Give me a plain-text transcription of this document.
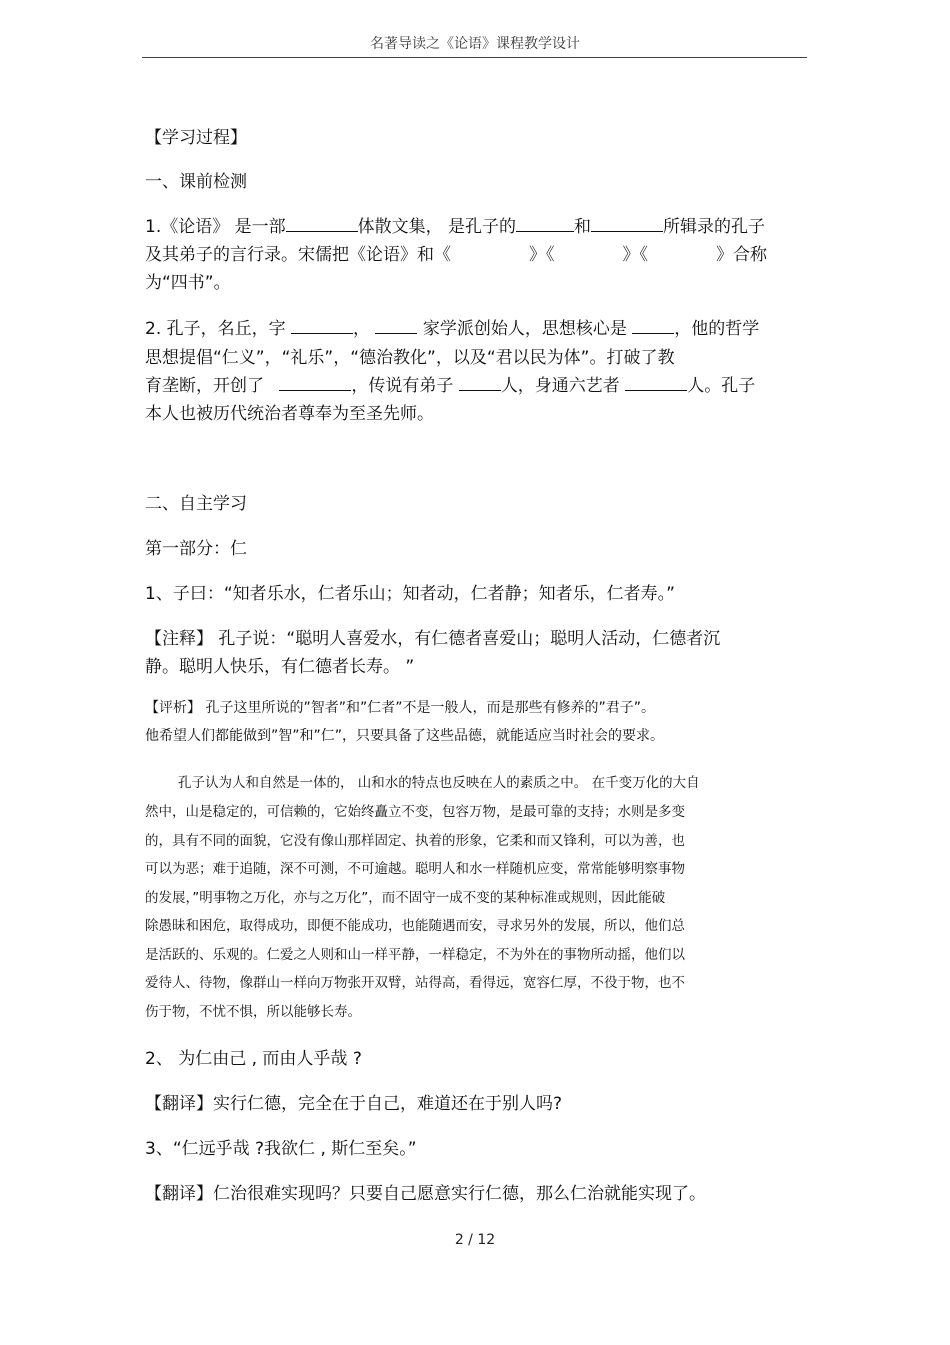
名著导读之《论语》课程教学设计
【学习过程】
一、课前检测
1.《论语》 是一部	体散文集， 是孔子的	和	所辑录的孔子
及其弟子的言行录。宋儒把《论语》和《	》《	》《	》合称
为“四书”。
2. 孔子，名丘，字	，	家学派创始人，思想核心是	，他的哲学
思想提倡“仁义”，“礼乐”，“德治教化”，以及“君以民为体”。打破了教
育垄断，开创了	，传说有弟子	人，身通六艺者	人。孔子
本人也被历代统治者尊奉为至圣先师。
二、自主学习
第一部分：仁
1、子曰：“知者乐水，仁者乐山；知者动，仁者静；知者乐，仁者寿。”
【注释】 孔子说：“聪明人喜爱水，有仁德者喜爱山；聪明人活动，仁德者沉
静。聪明人快乐，有仁德者长寿。 ”
【评析】 孔子这里所说的”智者”和”仁者”不是一般人，而是那些有修养的”君子”。
他希望人们都能做到”智”和”仁”，只要具备了这些品德，就能适应当时社会的要求。
孔子认为人和自然是一体的， 山和水的特点也反映在人的素质之中。 在千变万化的大自
然中，山是稳定的，可信赖的，它始终矗立不变，包容万物，是最可靠的支持；水则是多变
的，具有不同的面貌，它没有像山那样固定、执着的形象，它柔和而又锋利，可以为善，也
可以为恶；难于追随，深不可测，不可逾越。聪明人和水一样随机应变，常常能够明察事物
的发展，”明事物之万化，亦与之万化”，而不固守一成不变的某种标准或规则，因此能破
除愚昧和困危，取得成功，即便不能成功，也能随遇而安，寻求另外的发展，所以，他们总
是活跃的、乐观的。仁爱之人则和山一样平静，一样稳定，不为外在的事物所动摇，他们以
爱待人、待物，像群山一样向万物张开双臂，站得高，看得远，宽容仁厚，不役于物，也不
伤于物，不忧不惧，所以能够长寿。
2、 为仁由己 , 而由人乎哉 ?
【翻译】实行仁德，完全在于自己，难道还在于别人吗?
3、“仁远乎哉 ?我欲仁 , 斯仁至矣。”
【翻译】仁治很难实现吗？只要自己愿意实行仁德，那么仁治就能实现了。
2 / 12
